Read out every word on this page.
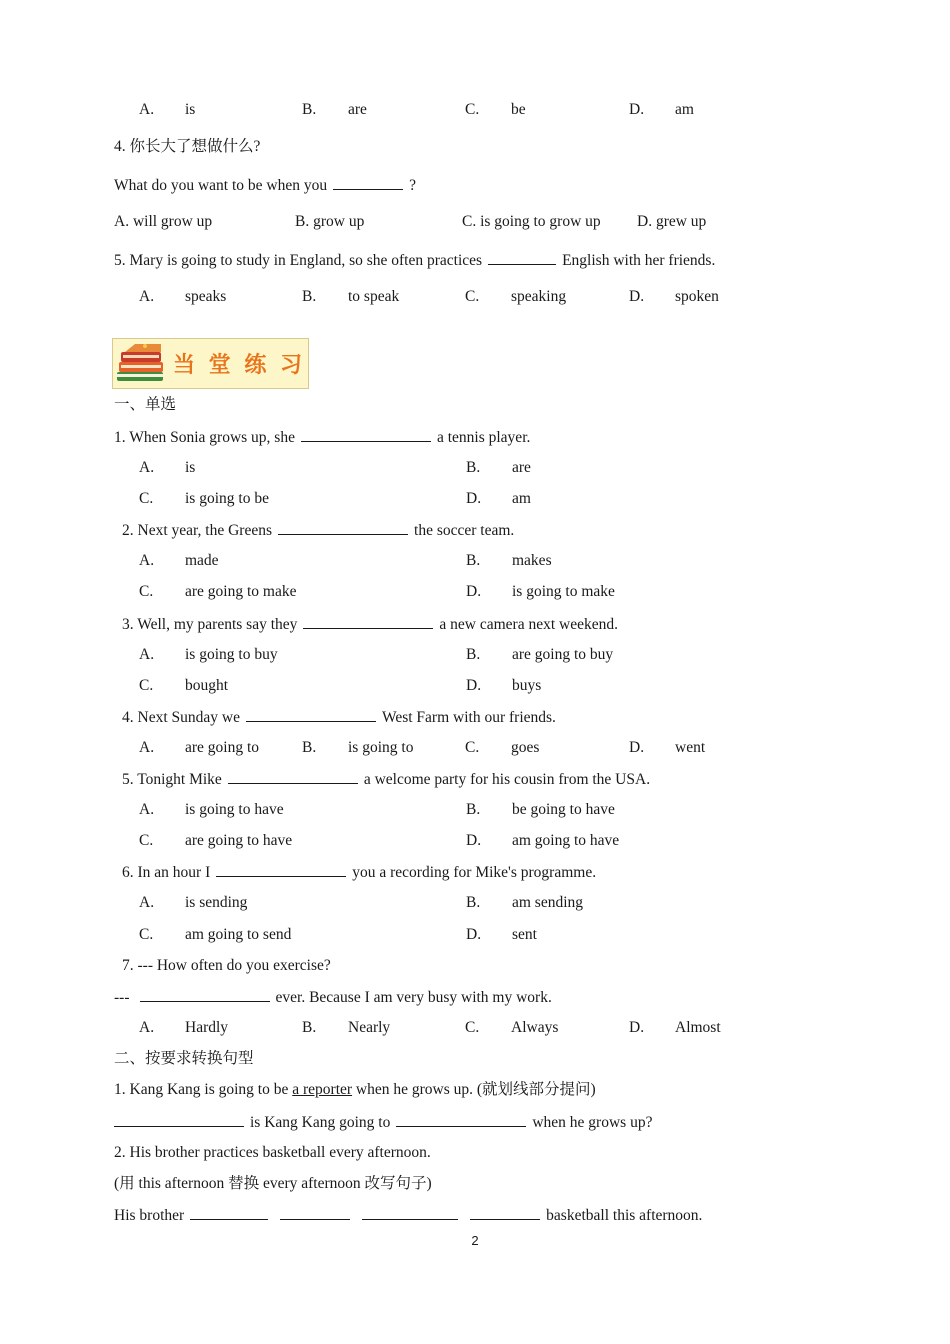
A. is	B. are	C. be	D. am
4. 你长大了想做什么?
What do you want to be when you	?
A. will grow up	B. grow up	C. is going to grow up D. grew up
5. Mary is going to study in England, so she often practices	English with her friends.
A. speaks	B. to speak	C. speaking	D. spoken
当 堂 练 习
一、单选
1. When Sonia grows up, she	a tennis player.
A. is	B. are
C. is going to be	D. am
2. Next year, the Greens	the soccer team.
A. made	B. makes
C. are going to make	D. is going to make
3. Well, my parents say they	a new camera next weekend.
A. is going to buy	B. are going to buy
C. bought	D. buys
4. Next Sunday we	West Farm with our friends.
A. are going to	B. is going to	C. goes	D. went
5. Tonight Mike	a welcome party for his cousin from the USA.
A. is going to have	B. be going to have
C. are going to have	D. am going to have
6. In an hour I	you a recording for Mike's programme.
A. is sending	B. am sending
C. am going to send	D. sent
7. --- How often do you exercise?
---	ever. Because I am very busy with my work.
A. Hardly	B. Nearly	C. Always	D. Almost
二、按要求转换句型
1. Kang Kang is going to be a reporter when he grows up. (就划线部分提问)
is Kang Kang going to	when he grows up?
2. His brother practices basketball every afternoon.
(用 this afternoon 替换 every afternoon 改写句子)
His brother	basketball this afternoon.
2
